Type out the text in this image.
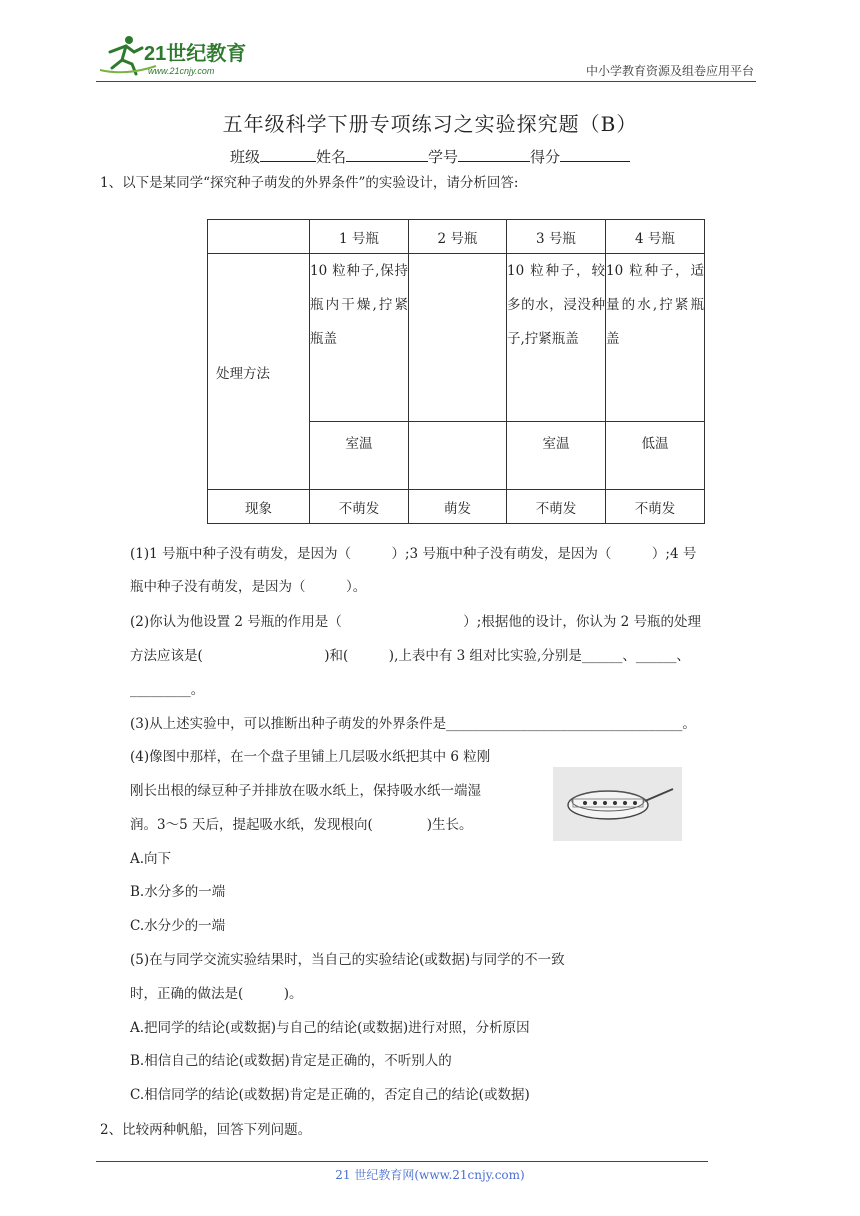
21世纪教育
www.21cnjy.com	中小学教育资源及组卷应用平台
五年级科学下册专项练习之实验探究题（B）
班级	姓名	学号	得分
1、以下是某同学“探究种子萌发的外界条件”的实验设计，请分析回答:
	1 号瓶	2 号瓶	3 号瓶	4 号瓶
处理方法	10 粒种子,保持瓶内干燥,拧紧瓶盖		10 粒种子，较多的水，浸没种子,拧紧瓶盖	10 粒种子，适量的水,拧紧瓶盖
	室温		室温	低温
现象	不萌发	萌发	不萌发	不萌发
(1)1 号瓶中种子没有萌发，是因为（　　　）;3 号瓶中种子没有萌发，是因为（　　　）;4 号
瓶中种子没有萌发，是因为（　　　）。
(2)你认为他设置 2 号瓶的作用是（　　　　　　　　　）;根据他的设计，你认为 2 号瓶的处理
方法应该是(　　　　　　　　　)和(　　　),上表中有 3 组对比实验,分别是______、______、
_________。
(3)从上述实验中，可以推断出种子萌发的外界条件是___________________________________。
(4)像图中那样，在一个盘子里铺上几层吸水纸把其中 6 粒刚
刚长出根的绿豆种子并排放在吸水纸上，保持吸水纸一端湿
润。3～5 天后，提起吸水纸，发现根向(　　　　)生长。
A.向下
B.水分多的一端
C.水分少的一端
(5)在与同学交流实验结果时，当自己的实验结论(或数据)与同学的不一致
时，正确的做法是(　　　)。
A.把同学的结论(或数据)与自己的结论(或数据)进行对照，分析原因
B.相信自己的结论(或数据)肯定是正确的，不听别人的
C.相信同学的结论(或数据)肯定是正确的，否定自己的结论(或数据)
2、比较两种帆船，回答下列问题。
21 世纪教育网(www.21cnjy.com)
